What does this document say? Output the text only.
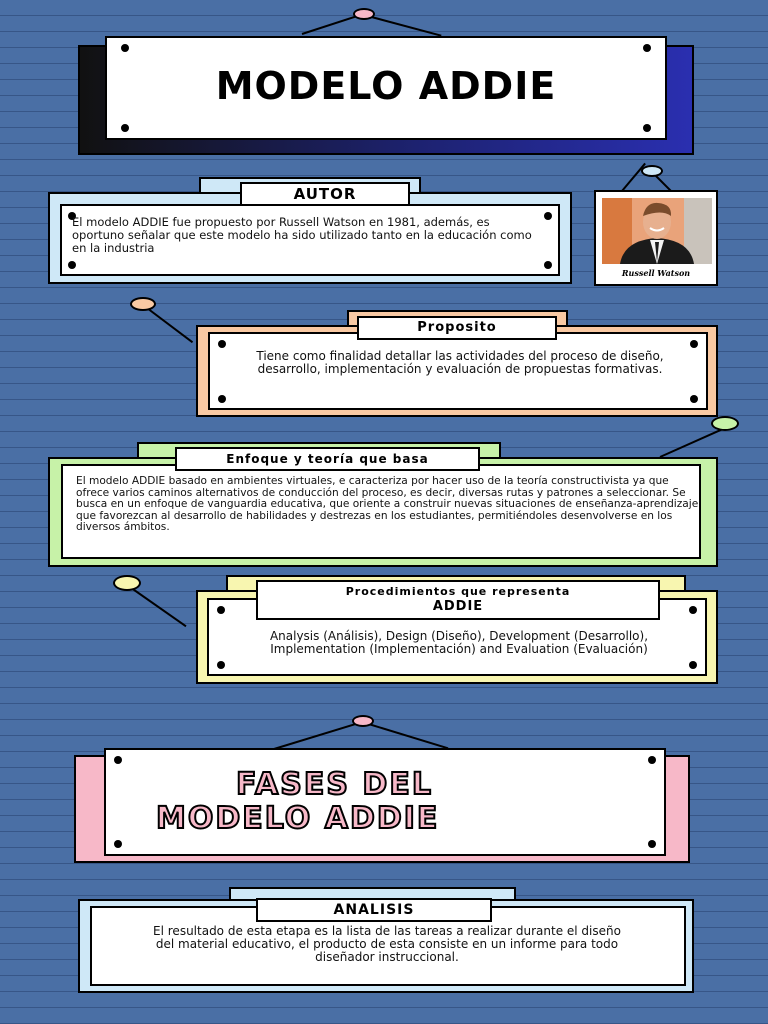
MODELO ADDIE
El modelo ADDIE fue propuesto por Russell Watson en 1981, además, es oportuno señalar que este modelo ha sido utilizado tanto en la educación como en la industria
AUTOR
Russell Watson
Tiene como finalidad detallar las actividades del proceso de diseño, desarrollo, implementación y evaluación de propuestas formativas.
Proposito
El modelo ADDIE basado en ambientes virtuales, e caracteriza por hacer uso de la teoría constructivista ya que ofrece varios caminos alternativos de conducción del proceso, es decir, diversas rutas y patrones a seleccionar. Se busca en un enfoque de vanguardia educativa, que oriente a construir nuevas situaciones de enseñanza-aprendizaje que favorezcan al desarrollo de habilidades y destrezas en los estudiantes, permitiéndoles desenvolverse en los diversos ámbitos.
Enfoque y teoría que basa
Analysis (Análisis), Design (Diseño), Development (Desarrollo), Implementation (Implementación) and Evaluation (Evaluación)
Procedimientos que representa
ADDIE
FASES DEL
MODELO ADDIE
El resultado de esta etapa es la lista de las tareas a realizar durante el diseño del material educativo, el producto de esta consiste en un informe para todo diseñador instruccional.
ANALISIS
